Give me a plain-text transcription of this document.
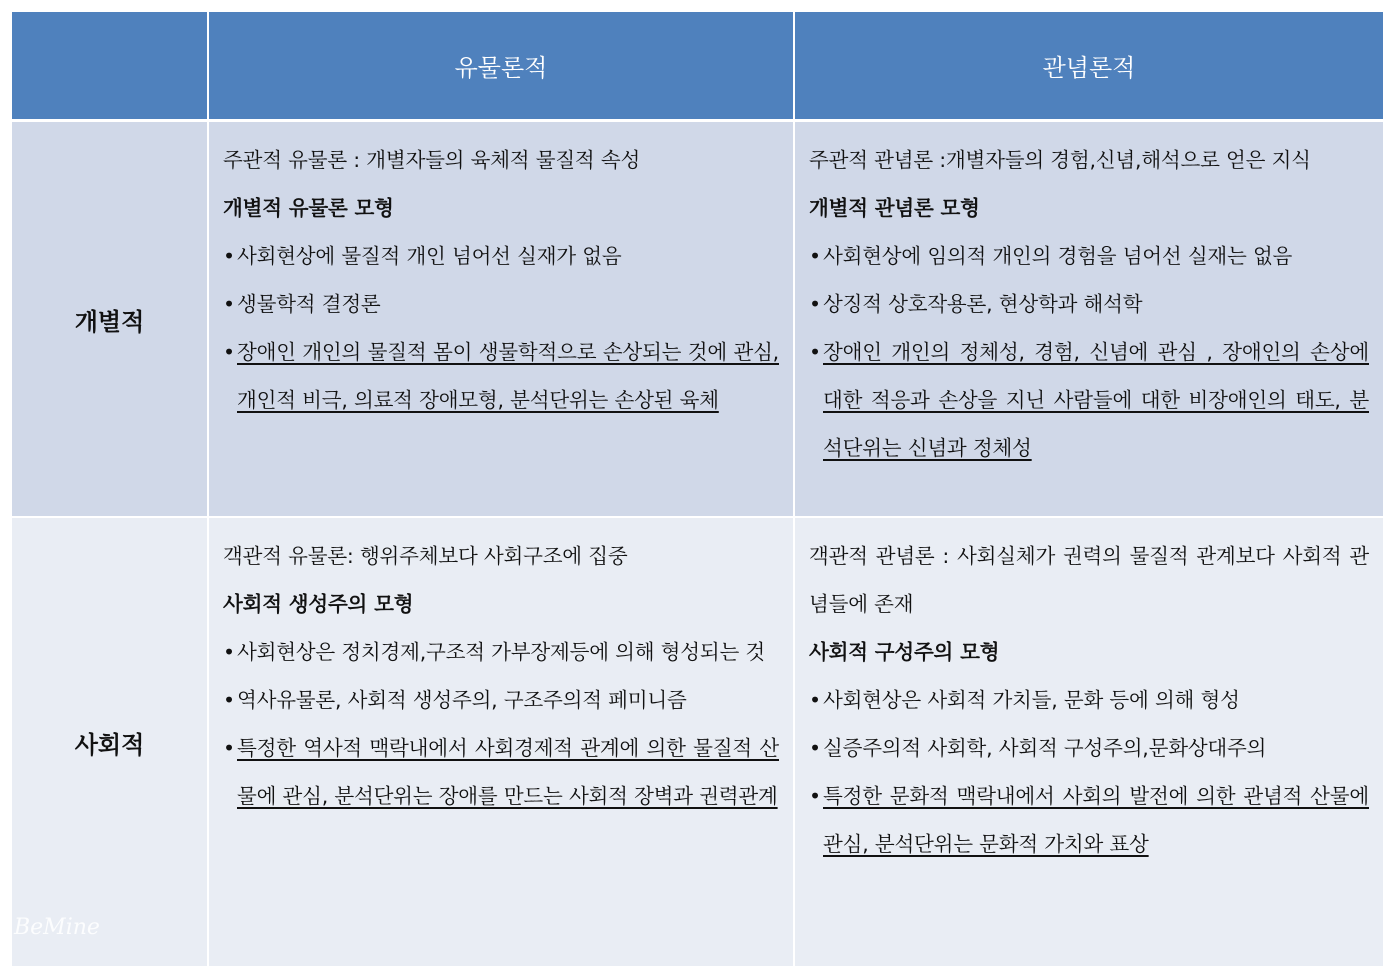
유물론적	관념론적
개별적

주관적 유물론 : 개별자들의 육체적 물질적 속성

개별적 유물론 모형

• 사회현상에 물질적 개인 넘어선 실재가 없음
• 생물학적 결정론
• 장애인 개인의 물질적 몸이 생물학적으로 손상되는 것에 관심, 개인적 비극, 의료적 장애모형, 분석단위는 손상된 육체

주관적 관념론 :개별자들의 경험,신념,해석으로 얻은 지식

개별적 관념론 모형

• 사회현상에 임의적 개인의 경험을 넘어선 실재는 없음
• 상징적 상호작용론, 현상학과 해석학
• 장애인 개인의 정체성, 경험, 신념에 관심 , 장애인의 손상에 대한 적응과 손상을 지닌 사람들에 대한 비장애인의 태도, 분석단위는 신념과 정체성
사회적

객관적 유물론: 행위주체보다 사회구조에 집중

사회적 생성주의 모형

• 사회현상은 정치경제,구조적 가부장제등에 의해 형성되는 것
• 역사유물론, 사회적 생성주의, 구조주의적 페미니즘
• 특정한 역사적 맥락내에서 사회경제적 관계에 의한 물질적 산물에 관심, 분석단위는 장애를 만드는 사회적 장벽과 권력관계

객관적 관념론 : 사회실체가 권력의 물질적 관계보다 사회적 관념들에 존재

사회적 구성주의 모형

• 사회현상은 사회적 가치들, 문화 등에 의해 형성
• 실증주의적 사회학, 사회적 구성주의,문화상대주의
• 특정한 문화적 맥락내에서 사회의 발전에 의한 관념적 산물에 관심, 분석단위는 문화적 가치와 표상
BeMine
